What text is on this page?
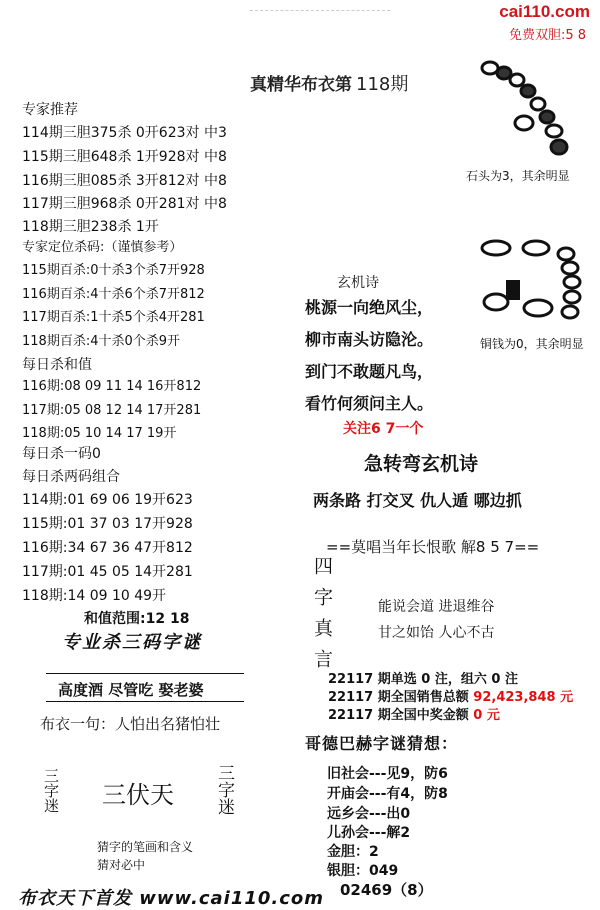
cai110.com
免费双胆:5 8
真精华布衣第 118期
专家推荐
114期三胆375杀 0开623对 中3
115期三胆648杀 1开928对 中8
116期三胆085杀 3开812对 中8
117期三胆968杀 0开281对 中8
118期三胆238杀 1开
专家定位杀码:（谨慎参考）
115期百杀:0十杀3个杀7开928
116期百杀:4十杀6个杀7开812
117期百杀:1十杀5个杀4开281
118期百杀:4十杀0个杀9开
每日杀和值
116期:08 09 11 14 16开812
117期:05 08 12 14 17开281
118期:05 10 14 17 19开
每日杀一码0
每日杀两码组合
114期:01 69 06 19开623
115期:01 37 03 17开928
116期:34 67 36 47开812
117期:01 45 05 14开281
118期:14 09 10 49开
和值范围:12 18
专业杀三码字谜
高度酒 尽管吃 娶老婆
布衣一句：人怕出名猪怕壮
三字迷 三伏天 三字迷
猜字的笔画和含义
猜对必中
布衣天下首发 www.cai110.com
石头为3，其余明显
铜钱为0，其余明显
玄机诗
桃源一向绝风尘，
柳市南头访隐沦。
到门不敢题凡鸟，
看竹何须问主人。
关注6 7一个
急转弯玄机诗
两条路 打交叉 仇人遁 哪边抓
==莫唱当年长恨歌 解8 5 7==
四字真言	能说会道 进退维谷
甘之如饴 人心不古
22117 期单选 0 注，组六 0 注
22117 期全国销售总额 92,423,848 元
22117 期全国中奖金额 0 元
哥德巴赫字谜猜想：
旧社会---见9，防6
开庙会---有4，防8
远乡会---出0
儿孙会---解2
金胆：2
银胆：049
02469（8）
